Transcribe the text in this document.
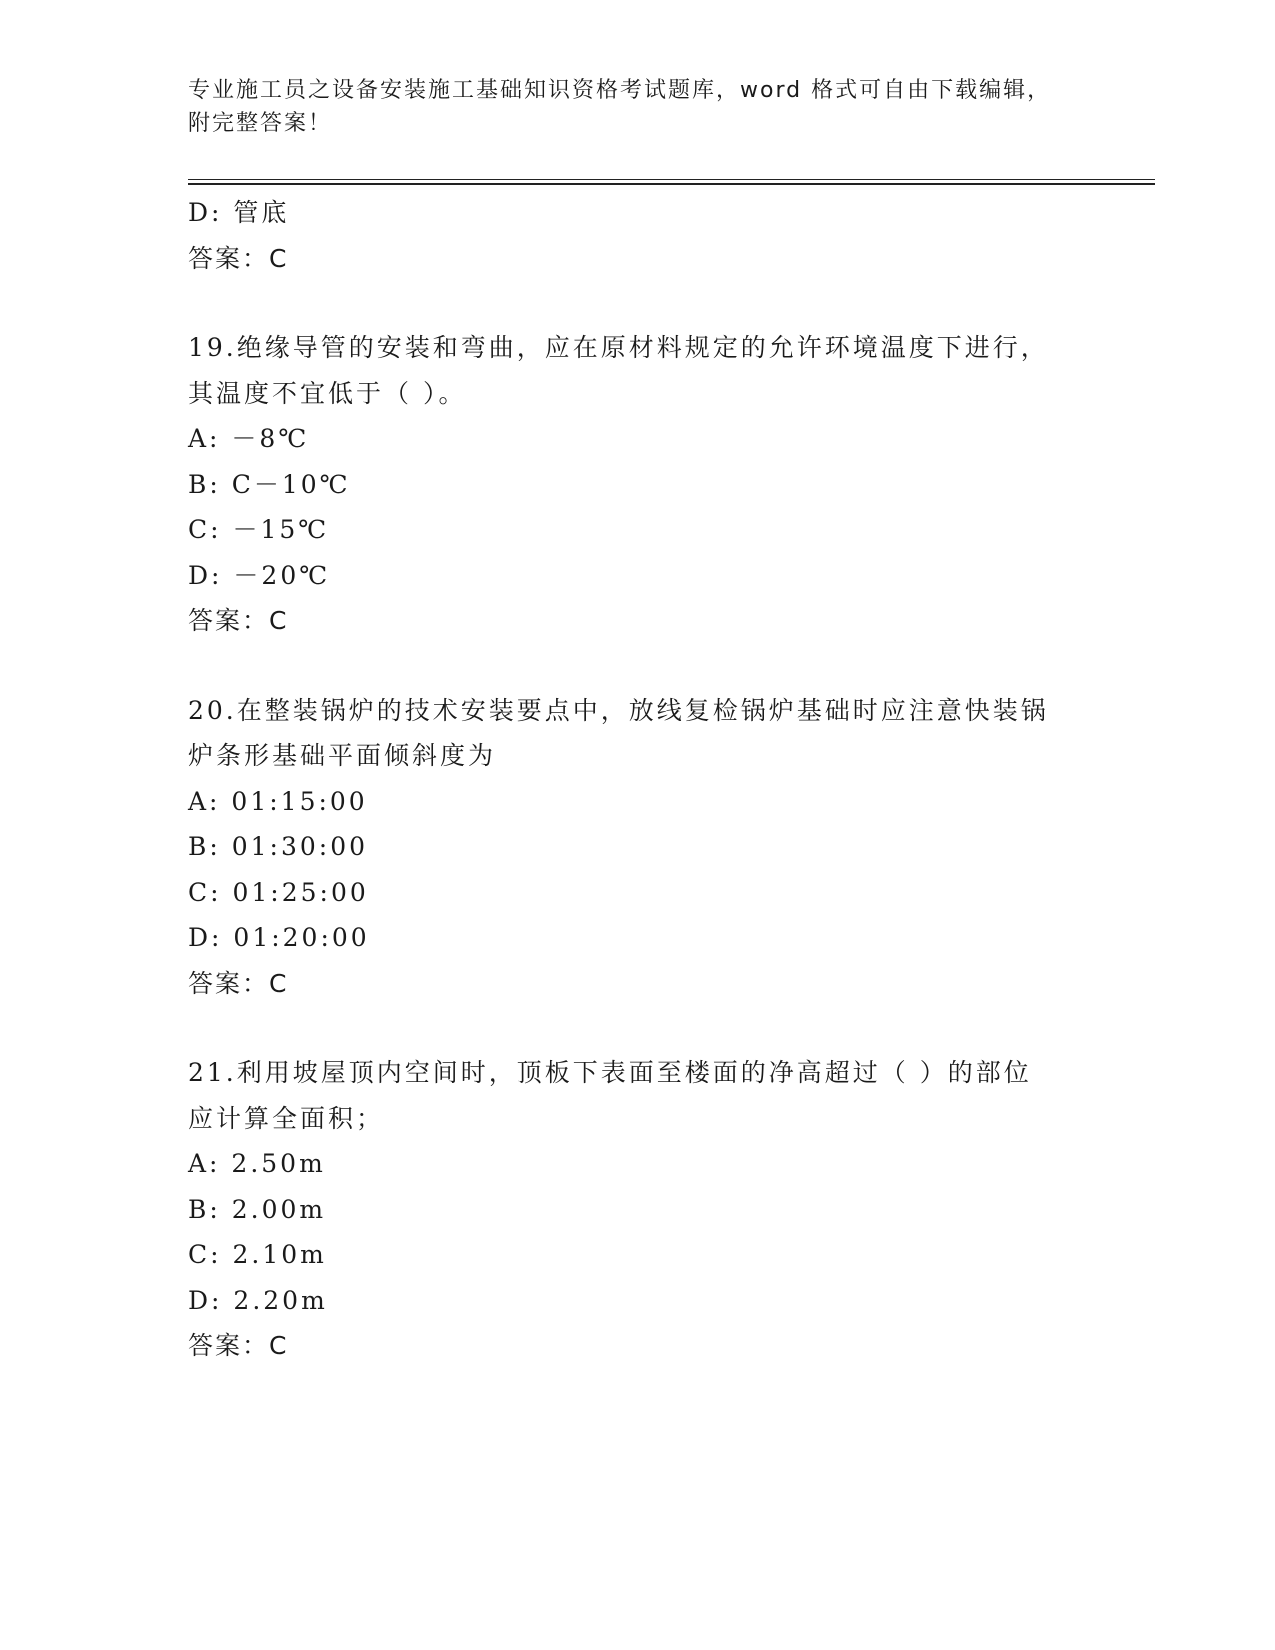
专业施工员之设备安装施工基础知识资格考试题库，word 格式可自由下载编辑，
附完整答案！
D: 管底
答案：C
19.绝缘导管的安装和弯曲，应在原材料规定的允许环境温度下进行，
其温度不宜低于（ ）。
A: －8℃
B: C－10℃
C: －15℃
D: －20℃
答案：C
20.在整装锅炉的技术安装要点中，放线复检锅炉基础时应注意快装锅
炉条形基础平面倾斜度为
A: 01:15:00
B: 01:30:00
C: 01:25:00
D: 01:20:00
答案：C
21.利用坡屋顶内空间时，顶板下表面至楼面的净高超过（ ）的部位
应计算全面积；
A: 2.50m
B: 2.00m
C: 2.10m
D: 2.20m
答案：C
